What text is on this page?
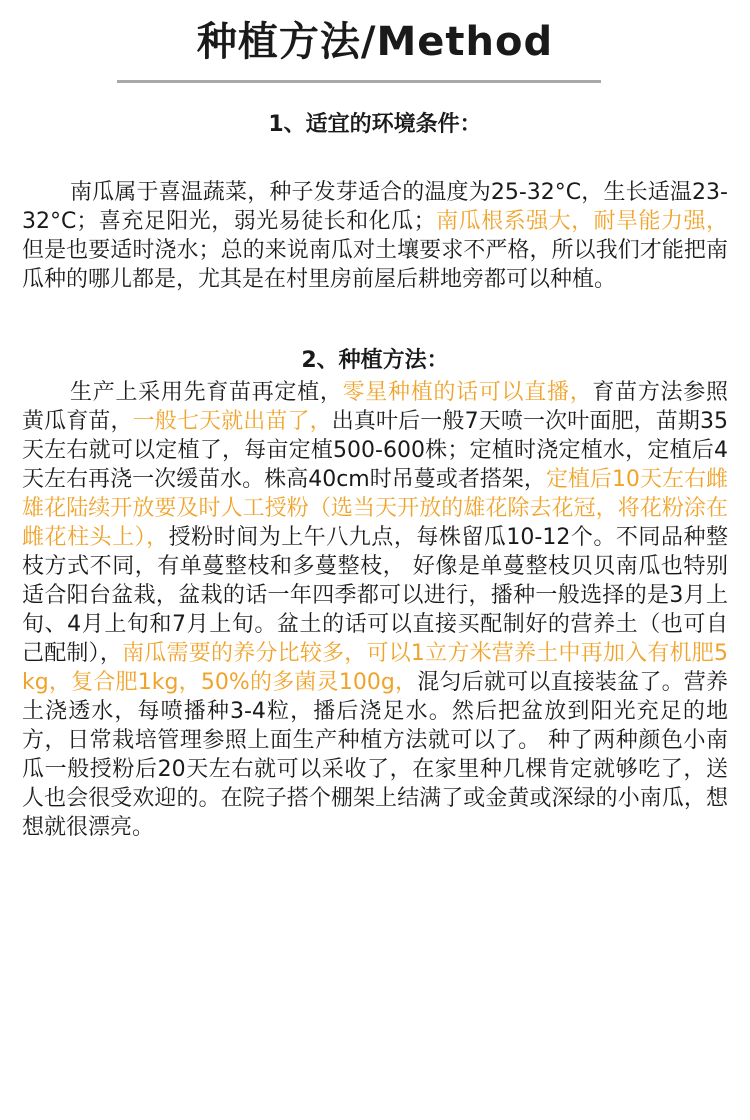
种植方法/Method
1、适宜的环境条件：
南瓜属于喜温蔬菜，种子发芽适合的温度为25-32°C，生长适温23-32°C；喜充足阳光，弱光易徒长和化瓜；南瓜根系强大，耐旱能力强，但是也要适时浇水；总的来说南瓜对土壤要求不严格，所以我们才能把南瓜种的哪儿都是，尤其是在村里房前屋后耕地旁都可以种植。
2、种植方法：
生产上采用先育苗再定植，零星种植的话可以直播，育苗方法参照黄瓜育苗，一般七天就出苗了，出真叶后一般7天喷一次叶面肥，苗期35天左右就可以定植了，每亩定植500-600株；定植时浇定植水，定植后4天左右再浇一次缓苗水。株高40cm时吊蔓或者搭架，定植后10天左右雌雄花陆续开放要及时人工授粉（选当天开放的雄花除去花冠，将花粉涂在雌花柱头上），授粉时间为上午八九点，每株留瓜10-12个。不同品种整枝方式不同，有单蔓整枝和多蔓整枝， 好像是单蔓整枝贝贝南瓜也特别适合阳台盆栽，盆栽的话一年四季都可以进行，播种一般选择的是3月上旬、4月上旬和7月上旬。盆土的话可以直接买配制好的营养土（也可自己配制），南瓜需要的养分比较多，可以1立方米营养土中再加入有机肥5kg，复合肥1kg，50%的多菌灵100g，混匀后就可以直接装盆了。营养土浇透水，每喷播种3-4粒，播后浇足水。然后把盆放到阳光充足的地方，日常栽培管理参照上面生产种植方法就可以了。 种了两种颜色小南瓜一般授粉后20天左右就可以采收了，在家里种几棵肯定就够吃了，送人也会很受欢迎的。在院子搭个棚架上结满了或金黄或深绿的小南瓜，想想就很漂亮。
